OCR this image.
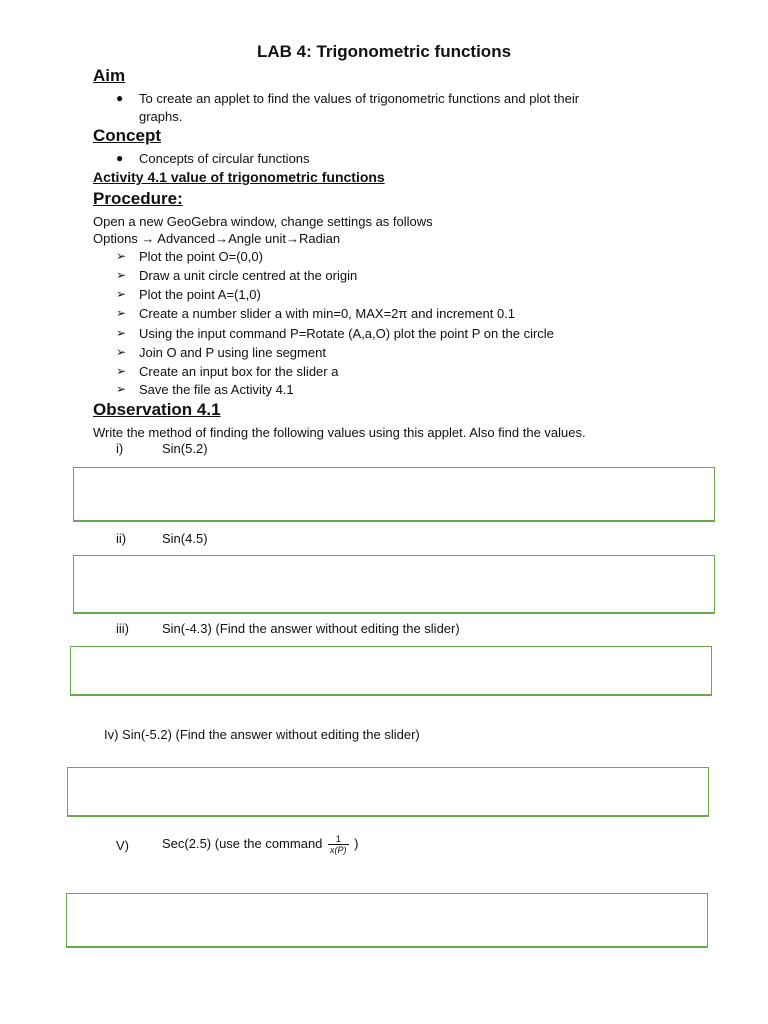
LAB 4: Trigonometric functions
Aim
● To create an applet to find the values of trigonometric functions and plot their
graphs.
Concept
● Concepts of circular functions
Activity 4.1 value of trigonometric functions
Procedure:
Open a new GeoGebra window, change settings as follows
Options → Advanced→Angle unit→Radian
➢ Plot the point O=(0,0)
➢ Draw a unit circle centred at the origin
➢ Plot the point A=(1,0)
➢ Create a number slider a with min=0, MAX=2π and increment 0.1
➢ Using the input command P=Rotate (A,a,O) plot the point P on the circle
➢ Join O and P using line segment
➢ Create an input box for the slider a
➢ Save the file as Activity 4.1
Observation 4.1
Write the method of finding the following values using this applet. Also find the values.
i)	Sin(5.2)
ii)	Sin(4.5)
iii)	Sin(-4.3) (Find the answer without editing the slider)
Iv) Sin(-5.2) (Find the answer without editing the slider)
V)	Sec(2.5) (use the command $\frac{1}{x(P)}$ )
